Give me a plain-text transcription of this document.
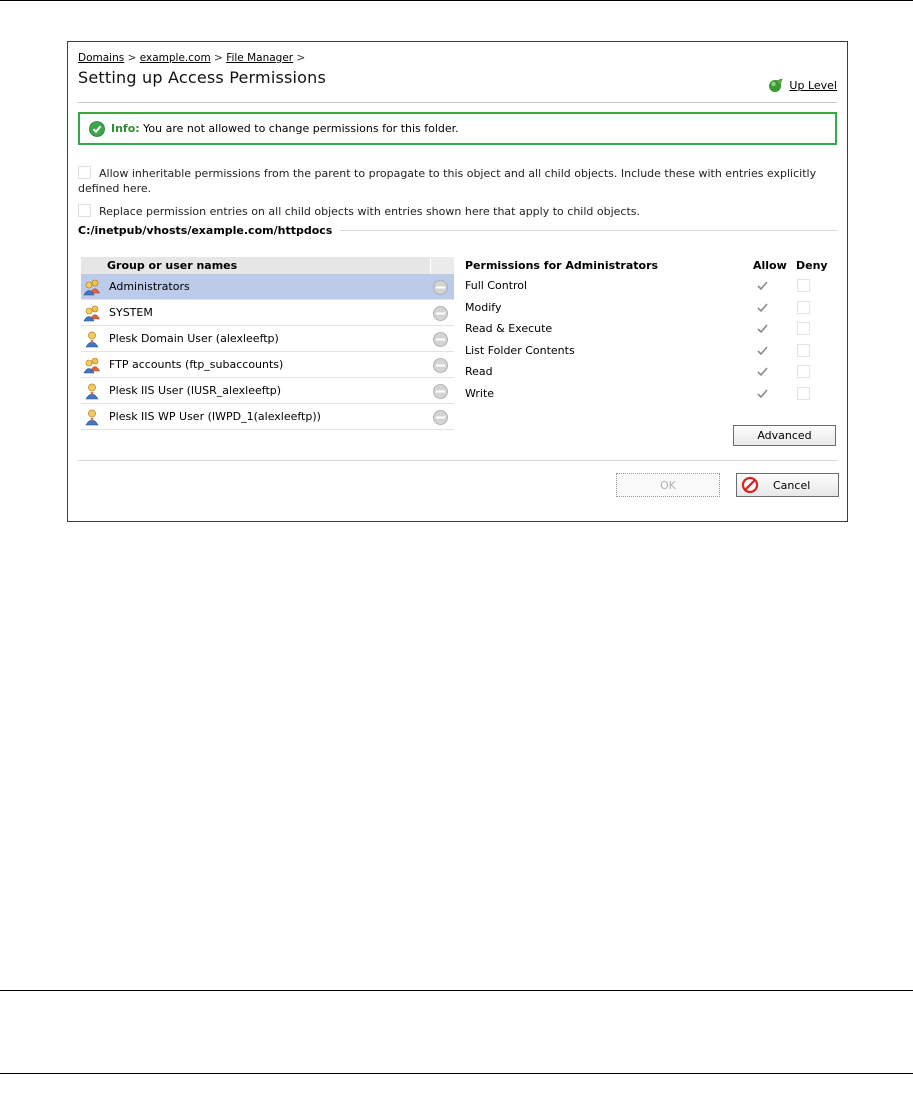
Domains > example.com > File Manager >
Setting up Access Permissions	Up Level
Info: You are not allowed to change permissions for this folder.
Allow inheritable permissions from the parent to propagate to this object and all child objects. Include these with entries explicitly defined here.
Replace permission entries on all child objects with entries shown here that apply to child objects.
C:/inetpub/vhosts/example.com/httpdocs
Group or user names
Administrators
SYSTEM
Plesk Domain User (alexleeftp)
FTP accounts (ftp_subaccounts)
Plesk IIS User (IUSR_alexleeftp)
Plesk IIS WP User (IWPD_1(alexleeftp))
Permissions for Administrators	Allow Deny
Full Control
Modify
Read & Execute
List Folder Contents
Read
Write
Advanced
OK	Cancel
